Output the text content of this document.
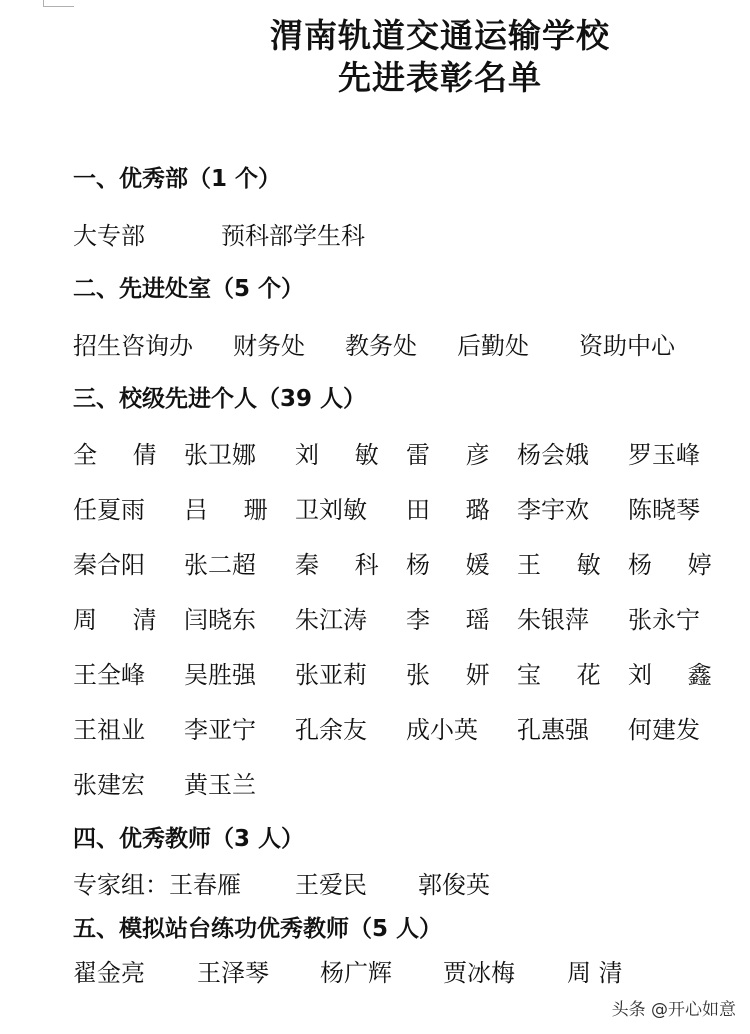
渭南轨道交通运输学校
先进表彰名单
一、优秀部（1 个）
大专部	预科部学生科
二、先进处室（5 个）
招生咨询办 财务处 教务处 后勤处 资助中心
三、校级先进个人（39 人）
全 倩 张卫娜 刘 敏 雷 彦 杨会娥 罗玉峰
任夏雨 吕 珊 卫刘敏 田 璐 李宇欢 陈晓琴
秦合阳 张二超 秦 科 杨 媛 王 敏 杨 婷
周 清 闫晓东 朱江涛 李 瑶 朱银萍 张永宁
王全峰 吴胜强 张亚莉 张 妍 宝 花 刘 鑫
王祖业 李亚宁 孔余友 成小英 孔惠强 何建发
张建宏 黄玉兰
四、优秀教师（3 人）
专家组：王春雁 王爱民 郭俊英
五、模拟站台练功优秀教师（5 人）
翟金亮 王泽琴 杨广辉 贾冰梅 周 清
头条 @开心如意
